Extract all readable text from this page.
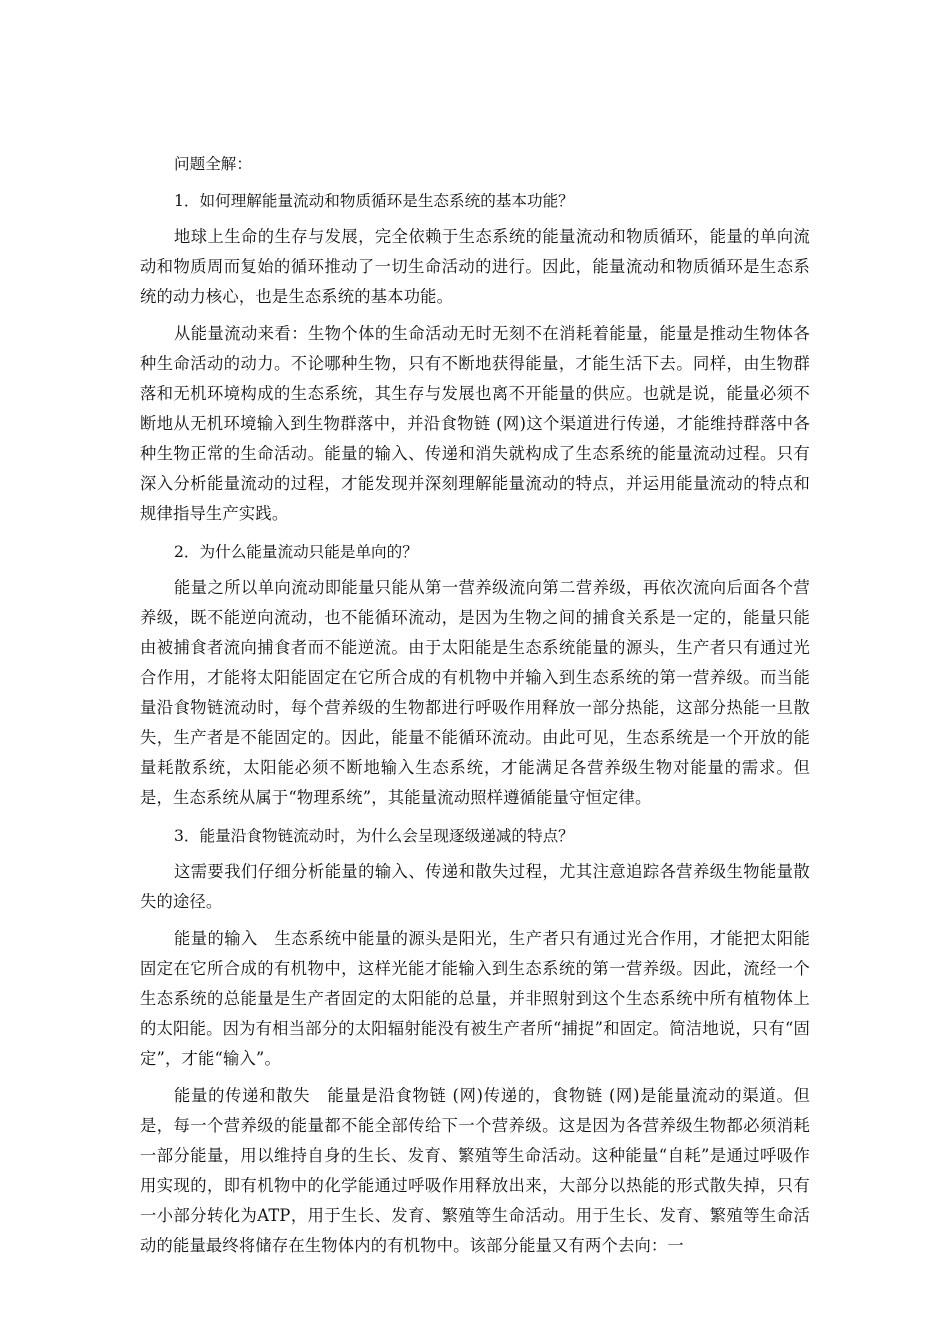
问题全解：

1．如何理解能量流动和物质循环是生态系统的基本功能？

地球上生命的生存与发展，完全依赖于生态系统的能量流动和物质循环，能量的单向流动和物质周而复始的循环推动了一切生命活动的进行。因此，能量流动和物质循环是生态系统的动力核心，也是生态系统的基本功能。

从能量流动来看：生物个体的生命活动无时无刻不在消耗着能量，能量是推动生物体各种生命活动的动力。不论哪种生物，只有不断地获得能量，才能生活下去。同样，由生物群落和无机环境构成的生态系统，其生存与发展也离不开能量的供应。也就是说，能量必须不断地从无机环境输入到生物群落中，并沿食物链 (网)这个渠道进行传递，才能维持群落中各种生物正常的生命活动。能量的输入、传递和消失就构成了生态系统的能量流动过程。只有深入分析能量流动的过程，才能发现并深刻理解能量流动的特点，并运用能量流动的特点和规律指导生产实践。

2．为什么能量流动只能是单向的？

能量之所以单向流动即能量只能从第一营养级流向第二营养级，再依次流向后面各个营养级，既不能逆向流动，也不能循环流动，是因为生物之间的捕食关系是一定的，能量只能由被捕食者流向捕食者而不能逆流。由于太阳能是生态系统能量的源头，生产者只有通过光合作用，才能将太阳能固定在它所合成的有机物中并输入到生态系统的第一营养级。而当能量沿食物链流动时，每个营养级的生物都进行呼吸作用释放一部分热能，这部分热能一旦散失，生产者是不能固定的。因此，能量不能循环流动。由此可见，生态系统是一个开放的能量耗散系统，太阳能必须不断地输入生态系统，才能满足各营养级生物对能量的需求。但是，生态系统从属于“物理系统”，其能量流动照样遵循能量守恒定律。

3．能量沿食物链流动时，为什么会呈现逐级递减的特点？

这需要我们仔细分析能量的输入、传递和散失过程，尤其注意追踪各营养级生物能量散失的途径。

能量的输入　生态系统中能量的源头是阳光，生产者只有通过光合作用，才能把太阳能固定在它所合成的有机物中，这样光能才能输入到生态系统的第一营养级。因此，流经一个生态系统的总能量是生产者固定的太阳能的总量，并非照射到这个生态系统中所有植物体上的太阳能。因为有相当部分的太阳辐射能没有被生产者所“捕捉”和固定。简洁地说，只有“固定”，才能“输入”。

能量的传递和散失　能量是沿食物链 (网)传递的，食物链 (网)是能量流动的渠道。但是，每一个营养级的能量都不能全部传给下一个营养级。这是因为各营养级生物都必须消耗一部分能量，用以维持自身的生长、发育、繁殖等生命活动。这种能量“自耗”是通过呼吸作用实现的，即有机物中的化学能通过呼吸作用释放出来，大部分以热能的形式散失掉，只有一小部分转化为ATP，用于生长、发育、繁殖等生命活动。用于生长、发育、繁殖等生命活动的能量最终将储存在生物体内的有机物中。该部分能量又有两个去向：一
